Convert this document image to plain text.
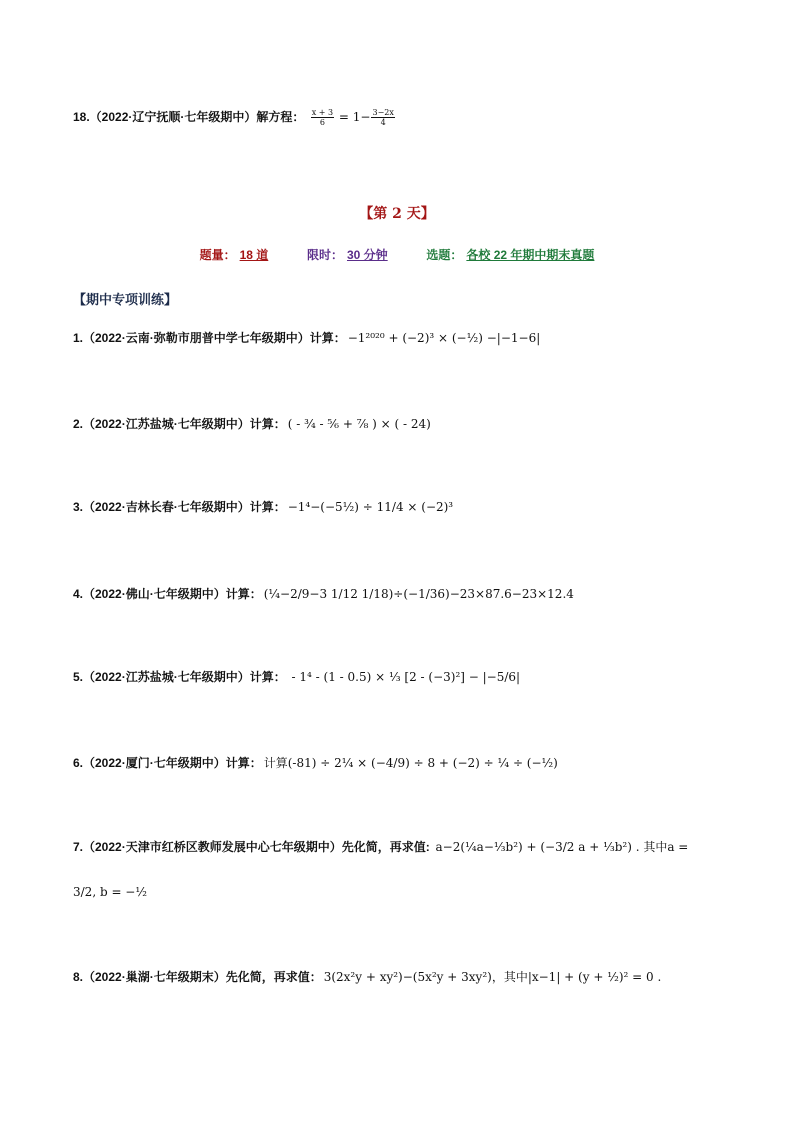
18.（2022·辽宁抚顺·七年级期中）解方程： $\frac{x + 3}{6} = 1- \frac{3-2x}{4}$
【第 2 天】
题量： 18 道	限时： 30 分钟	选题： 各校 22 年期中期末真题
【期中专项训练】
1.（2022·云南·弥勒市朋普中学七年级期中）计算： −1²⁰²⁰ + (−2)³ × (−½) −|−1−6|
2.（2022·江苏盐城·七年级期中）计算： ( - ¾ - ⅚ + ⅞ ) × ( - 24)
3.（2022·吉林长春·七年级期中）计算： −1⁴−(−5½) ÷ 11/4 × (−2)³
4.（2022·佛山·七年级期中）计算： (¼−2/9−3 1/12 1/18)÷(−1/36)−23×87.6−23×12.4
5.（2022·江苏盐城·七年级期中）计算： - 1⁴ - (1 - 0.5) × ⅓ [2 - (−3)²] − |−5/6|
6.（2022·厦门·七年级期中）计算： 计算(-81) ÷ 2¼ × (−4/9) ÷ 8 + (−2) ÷ ¼ ÷ (−½)
7.（2022·天津市红桥区教师发展中心七年级期中）先化简，再求值: a−2(¼a−⅓b²) + (−3/2 a + ⅓b²) . 其中a =
3/2, b = −½
8.（2022·巢湖·七年级期末）先化简，再求值： 3(2x²y + xy²)−(5x²y + 3xy²)，其中|x−1| + (y + ½)² = 0 .
